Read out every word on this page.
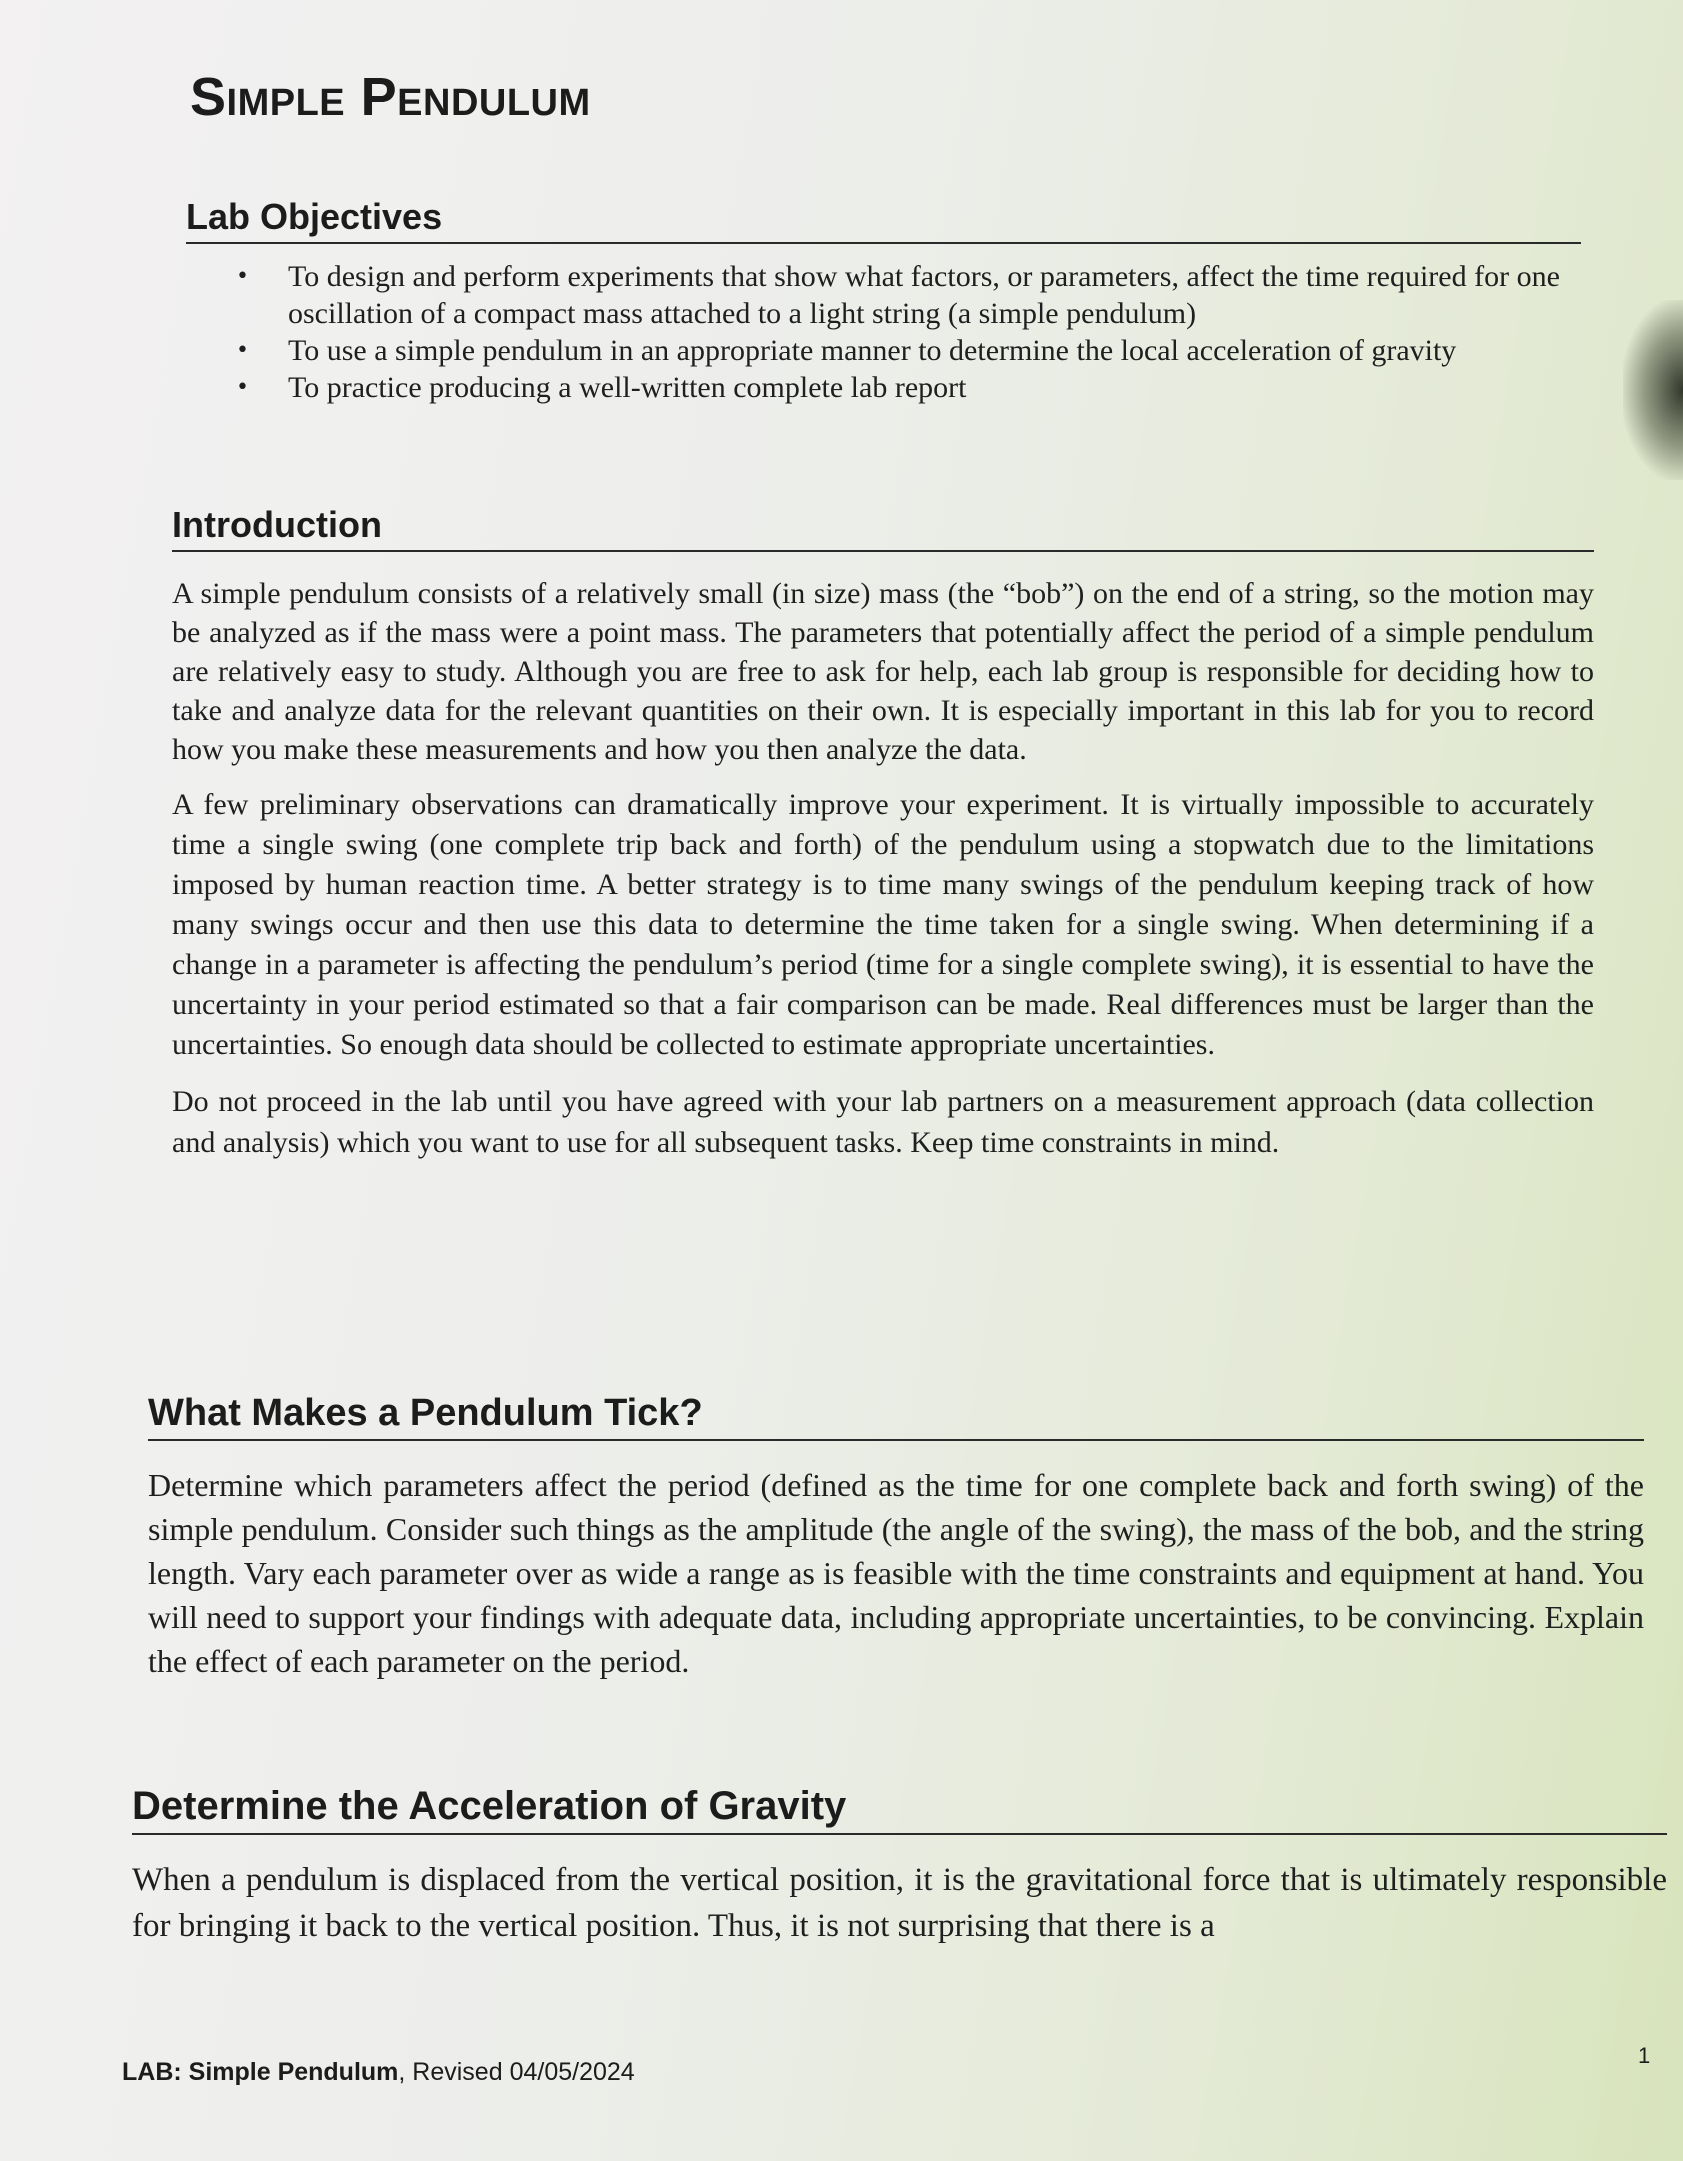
Simple Pendulum
Lab Objectives
• To design and perform experiments that show what factors, or parameters, affect the time required for one oscillation of a compact mass attached to a light string (a simple pendulum)
• To use a simple pendulum in an appropriate manner to determine the local acceleration of gravity
• To practice producing a well-written complete lab report
Introduction

A simple pendulum consists of a relatively small (in size) mass (the “bob”) on the end of a string, so the motion may be analyzed as if the mass were a point mass. The parameters that potentially affect the period of a simple pendulum are relatively easy to study. Although you are free to ask for help, each lab group is responsible for deciding how to take and analyze data for the relevant quantities on their own. It is especially important in this lab for you to record how you make these measurements and how you then analyze the data.

A few preliminary observations can dramatically improve your experiment. It is virtually impossible to accurately time a single swing (one complete trip back and forth) of the pendulum using a stopwatch due to the limitations imposed by human reaction time. A better strategy is to time many swings of the pendulum keeping track of how many swings occur and then use this data to determine the time taken for a single swing. When determining if a change in a parameter is affecting the pendulum’s period (time for a single complete swing), it is essential to have the uncertainty in your period estimated so that a fair comparison can be made. Real differences must be larger than the uncertainties. So enough data should be collected to estimate appropriate uncertainties.

Do not proceed in the lab until you have agreed with your lab partners on a measurement approach (data collection and analysis) which you want to use for all subsequent tasks. Keep time constraints in mind.

What Makes a Pendulum Tick?

Determine which parameters affect the period (defined as the time for one complete back and forth swing) of the simple pendulum. Consider such things as the amplitude (the angle of the swing), the mass of the bob, and the string length. Vary each parameter over as wide a range as is feasible with the time constraints and equipment at hand. You will need to support your findings with adequate data, including appropriate uncertainties, to be convincing. Explain the effect of each parameter on the period.

Determine the Acceleration of Gravity

When a pendulum is displaced from the vertical position, it is the gravitational force that is ultimately responsible for bringing it back to the vertical position. Thus, it is not surprising that there is a

LAB: Simple Pendulum, Revised 04/05/2024
1
